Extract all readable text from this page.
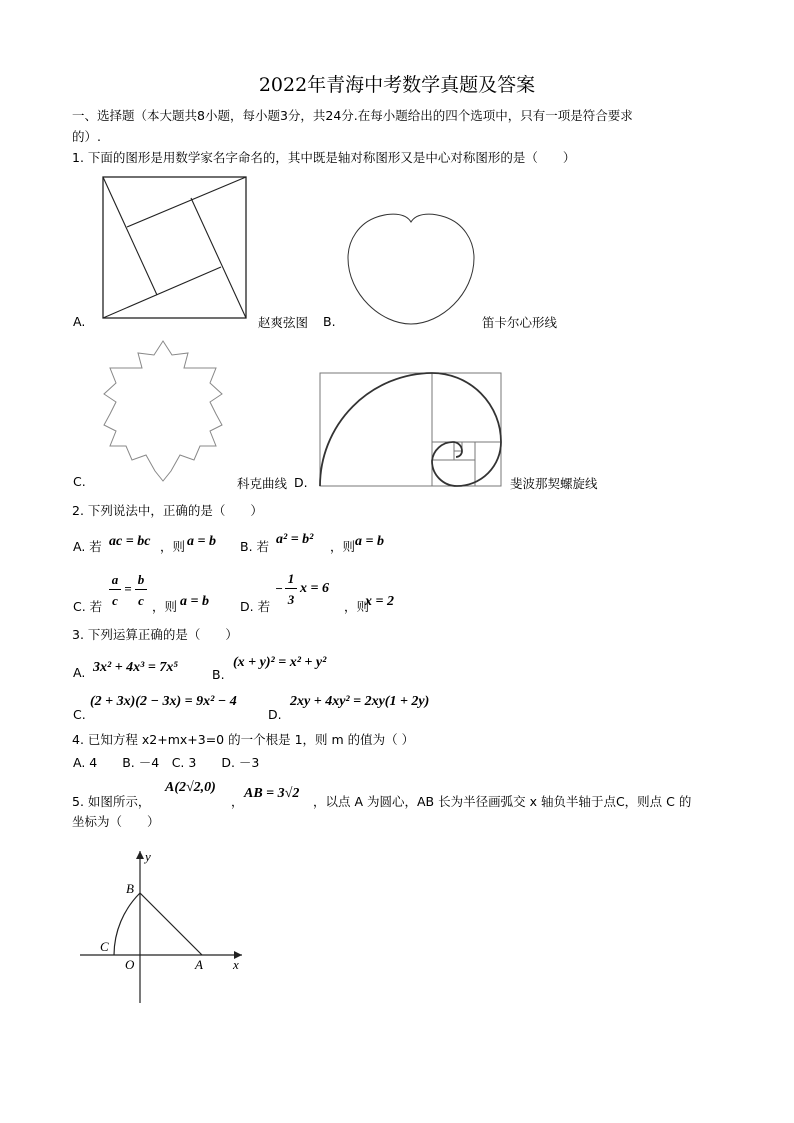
2022年青海中考数学真题及答案
一、选择题（本大题共8小题，每小题3分，共24分.在每小题给出的四个选项中，只有一项是符合要求
的）.
1. 下面的图形是用数学家名字命名的，其中既是轴对称图形又是中心对称图形的是（　　）
A.	赵爽弦图 B.	笛卡尔心形线
C.	科克曲线 D.	斐波那契螺旋线
2. 下列说法中，正确的是（　　）
A. 若 ac = bc ，则 a = b B. 若 a² = b² ，则 a = b
C. 若
a
c
=
b
c ，则 a = b D. 若
−
1
3
x = 6
，则
x = 2
3. 下列运算正确的是（　　）
A. 3x² + 4x³ = 7x⁵	B.
(x + y)² = x² + y²
C.
(2 + 3x)(2 − 3x) = 9x² − 4
D.
2xy + 4xy² = 2xy(1 + 2y)
4. 已知方程 x2+mx+3=0 的一个根是 1，则 m 的值为（ ）
A. 4　　B. －4　C. 3　　D. －3
5. 如图所示，
A(2√2,0)
，
AB = 3√2
，以点 A 为圆心，AB 长为半径画弧交 x 轴负半轴于点C，则点 C 的
坐标为（　　）
y
x
B
C
O	A
